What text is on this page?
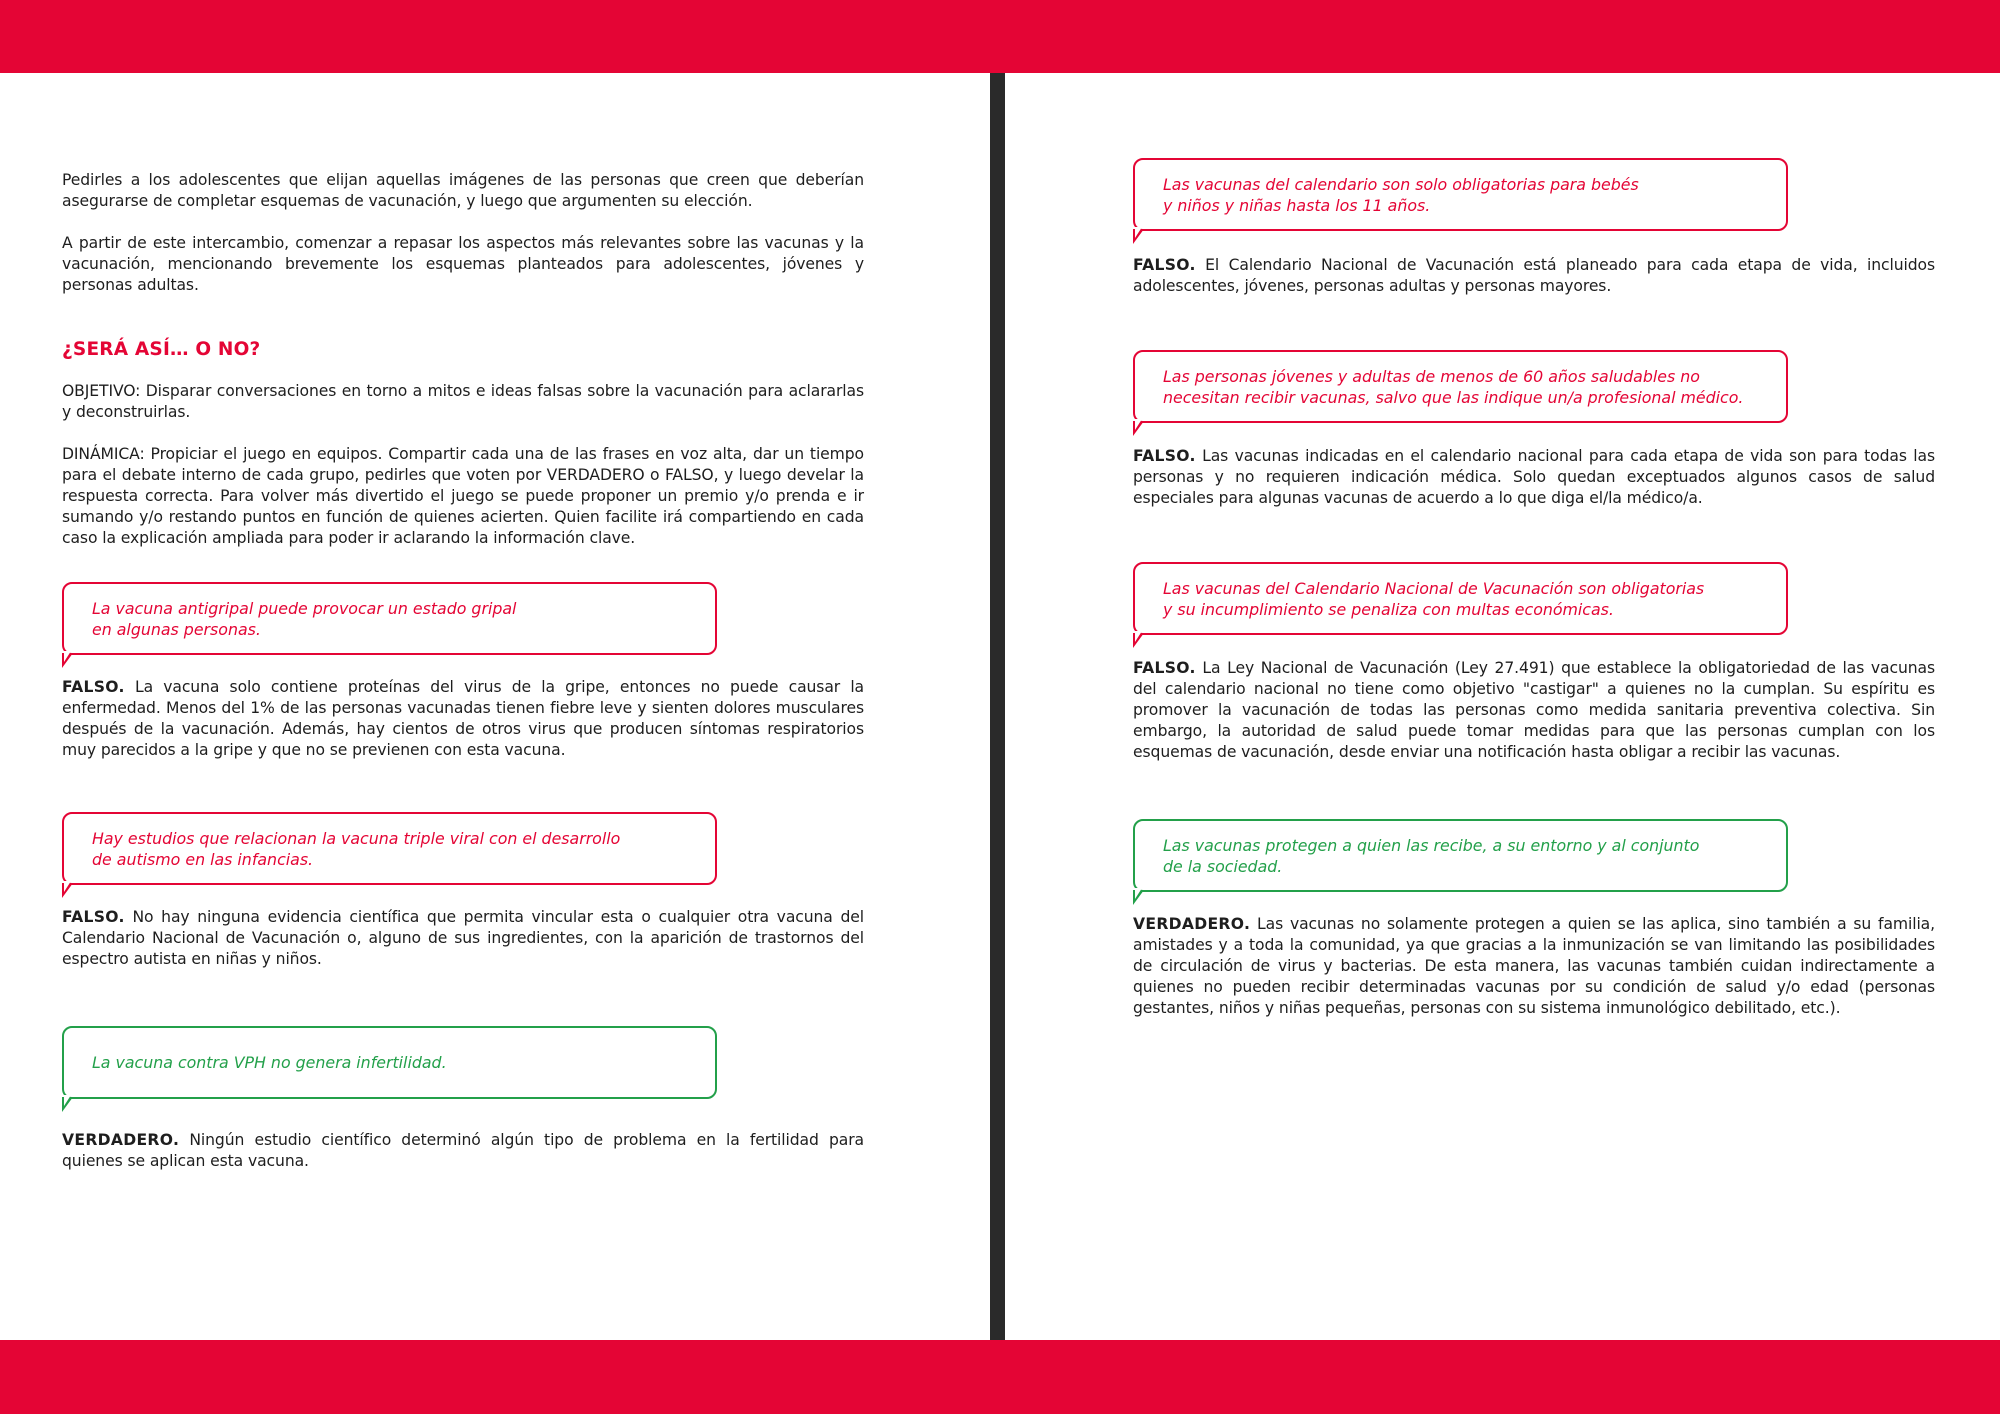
Pedirles a los adolescentes que elijan aquellas imágenes de las personas que creen que deberían asegurarse de completar esquemas de vacunación, y luego que argumenten su elección.

A partir de este intercambio, comenzar a repasar los aspectos más relevantes sobre las vacunas y la vacunación, mencionando brevemente los esquemas planteados para adolescentes, jóvenes y personas adultas.

¿SERÁ ASÍ… O NO?

OBJETIVO: Disparar conversaciones en torno a mitos e ideas falsas sobre la vacunación para aclararlas y deconstruirlas.

DINÁMICA: Propiciar el juego en equipos. Compartir cada una de las frases en voz alta, dar un tiempo para el debate interno de cada grupo, pedirles que voten por VERDADERO o FALSO, y luego develar la respuesta correcta. Para volver más divertido el juego se puede proponer un premio y/o prenda e ir sumando y/o restando puntos en función de quienes acierten. Quien facilite irá compartiendo en cada caso la explicación ampliada para poder ir aclarando la información clave.

La vacuna antigripal puede provocar un estado gripal
en algunas personas.

FALSO. La vacuna solo contiene proteínas del virus de la gripe, entonces no puede causar la enfermedad. Menos del 1% de las personas vacunadas tienen fiebre leve y sienten dolores musculares después de la vacunación. Además, hay cientos de otros virus que producen síntomas respiratorios muy parecidos a la gripe y que no se previenen con esta vacuna.

Hay estudios que relacionan la vacuna triple viral con el desarrollo
de autismo en las infancias.

FALSO. No hay ninguna evidencia científica que permita vincular esta o cualquier otra vacuna del Calendario Nacional de Vacunación o, alguno de sus ingredientes, con la aparición de trastornos del espectro autista en niñas y niños.

La vacuna contra VPH no genera infertilidad.

VERDADERO. Ningún estudio científico determinó algún tipo de problema en la fertilidad para quienes se aplican esta vacuna.

Las vacunas del calendario son solo obligatorias para bebés
y niños y niñas hasta los 11 años.

FALSO. El Calendario Nacional de Vacunación está planeado para cada etapa de vida, incluidos adolescentes, jóvenes, personas adultas y personas mayores.

Las personas jóvenes y adultas de menos de 60 años saludables no
necesitan recibir vacunas, salvo que las indique un/a profesional médico.

FALSO. Las vacunas indicadas en el calendario nacional para cada etapa de vida son para todas las personas y no requieren indicación médica. Solo quedan exceptuados algunos casos de salud especiales para algunas vacunas de acuerdo a lo que diga el/la médico/a.

Las vacunas del Calendario Nacional de Vacunación son obligatorias
y su incumplimiento se penaliza con multas económicas.

FALSO. La Ley Nacional de Vacunación (Ley 27.491) que establece la obligatoriedad de las vacunas del calendario nacional no tiene como objetivo "castigar" a quienes no la cumplan. Su espíritu es promover la vacunación de todas las personas como medida sanitaria preventiva colectiva. Sin embargo, la autoridad de salud puede tomar medidas para que las personas cumplan con los esquemas de vacunación, desde enviar una notificación hasta obligar a recibir las vacunas.

Las vacunas protegen a quien las recibe, a su entorno y al conjunto
de la sociedad.

VERDADERO. Las vacunas no solamente protegen a quien se las aplica, sino también a su familia, amistades y a toda la comunidad, ya que gracias a la inmunización se van limitando las posibilidades de circulación de virus y bacterias. De esta manera, las vacunas también cuidan indirectamente a quienes no pueden recibir determinadas vacunas por su condición de salud y/o edad (personas gestantes, niños y niñas pequeñas, personas con su sistema inmunológico debilitado, etc.).
